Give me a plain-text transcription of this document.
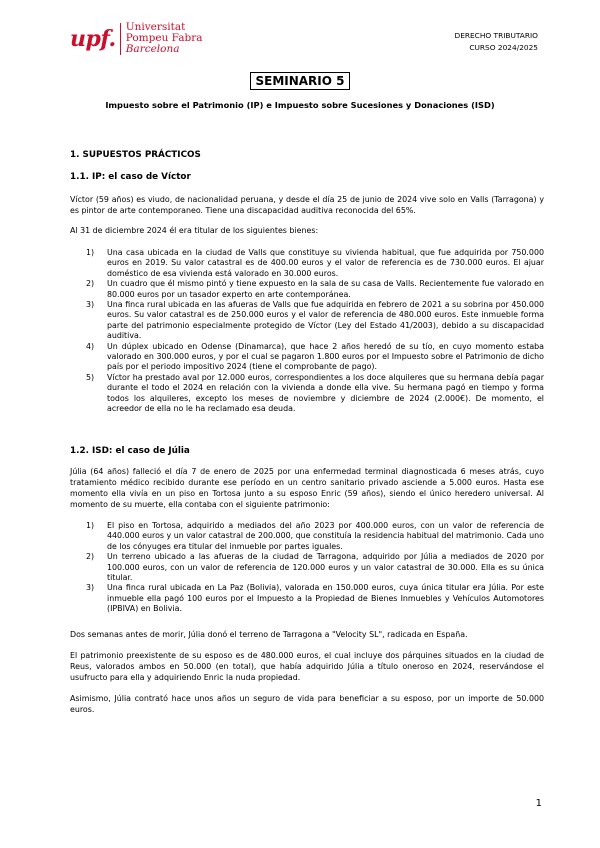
upf. Universitat
Pompeu Fabra
Barcelona
DERECHO TRIBUTARIO
CURSO 2024/2025
SEMINARIO 5
Impuesto sobre el Patrimonio (IP) e Impuesto sobre Sucesiones y Donaciones (ISD)
1. SUPUESTOS PRÁCTICOS
1.1. IP: el caso de Víctor

Víctor (59 años) es viudo, de nacionalidad peruana, y desde el día 25 de junio de 2024 vive solo en Valls (Tarragona) y es pintor de arte contemporaneo. Tiene una discapacidad auditiva reconocida del 65%.

Al 31 de diciembre 2024 él era titular de los siguientes bienes:

1) Una casa ubicada en la ciudad de Valls que constituye su vivienda habitual, que fue adquirida por 750.000 euros en 2019. Su valor catastral es de 400.00 euros y el valor de referencia es de 730.000 euros. El ajuar doméstico de esa vivienda está valorado en 30.000 euros.
2) Un cuadro que él mismo pintó y tiene expuesto en la sala de su casa de Valls. Recientemente fue valorado en 80.000 euros por un tasador experto en arte contemporánea.
3) Una finca rural ubicada en las afueras de Valls que fue adquirida en febrero de 2021 a su sobrina por 450.000 euros. Su valor catastral es de 250.000 euros y el valor de referencia de 480.000 euros. Este inmueble forma parte del patrimonio especialmente protegido de Víctor (Ley del Estado 41/2003), debido a su discapacidad auditiva.
4) Un dúplex ubicado en Odense (Dinamarca), que hace 2 años heredó de su tío, en cuyo momento estaba valorado en 300.000 euros, y por el cual se pagaron 1.800 euros por el Impuesto sobre el Patrimonio de dicho país por el periodo impositivo 2024 (tiene el comprobante de pago).
5) Víctor ha prestado aval por 12.000 euros, correspondientes a los doce alquileres que su hermana debía pagar durante el todo el 2024 en relación con la vivienda a donde ella vive. Su hermana pagó en tiempo y forma todos los alquileres, excepto los meses de noviembre y diciembre de 2024 (2.000€). De momento, el acreedor de ella no le ha reclamado esa deuda.
1.2. ISD: el caso de Júlia

Júlia (64 años) falleció el día 7 de enero de 2025 por una enfermedad terminal diagnosticada 6 meses atrás, cuyo tratamiento médico recibido durante ese período en un centro sanitario privado asciende a 5.000 euros. Hasta ese momento ella vivía en un piso en Tortosa junto a su esposo Enric (59 años), siendo el único heredero universal. Al momento de su muerte, ella contaba con el siguiente patrimonio:

1) El piso en Tortosa, adquirido a mediados del año 2023 por 400.000 euros, con un valor de referencia de 440.000 euros y un valor catastral de 200.000, que constituía la residencia habitual del matrimonio. Cada uno de los cónyuges era titular del inmueble por partes iguales.
2) Un terreno ubicado a las afueras de la ciudad de Tarragona, adquirido por Júlia a mediados de 2020 por 100.000 euros, con un valor de referencia de 120.000 euros y un valor catastral de 30.000. Ella es su única titular.
3) Una finca rural ubicada en La Paz (Bolivia), valorada en 150.000 euros, cuya única titular era Júlia. Por este inmueble ella pagó 100 euros por el Impuesto a la Propiedad de Bienes Inmuebles y Vehículos Automotores (IPBIVA) en Bolivia.

Dos semanas antes de morir, Júlia donó el terreno de Tarragona a "Velocity SL", radicada en España.

El patrimonio preexistente de su esposo es de 480.000 euros, el cual incluye dos párquines situados en la ciudad de Reus, valorados ambos en 50.000 (en total), que había adquirido Júlia a título oneroso en 2024, reservándose el usufructo para ella y adquiriendo Enric la nuda propiedad.

Asimismo, Júlia contrató hace unos años un seguro de vida para beneficiar a su esposo, por un importe de 50.000 euros.

1
